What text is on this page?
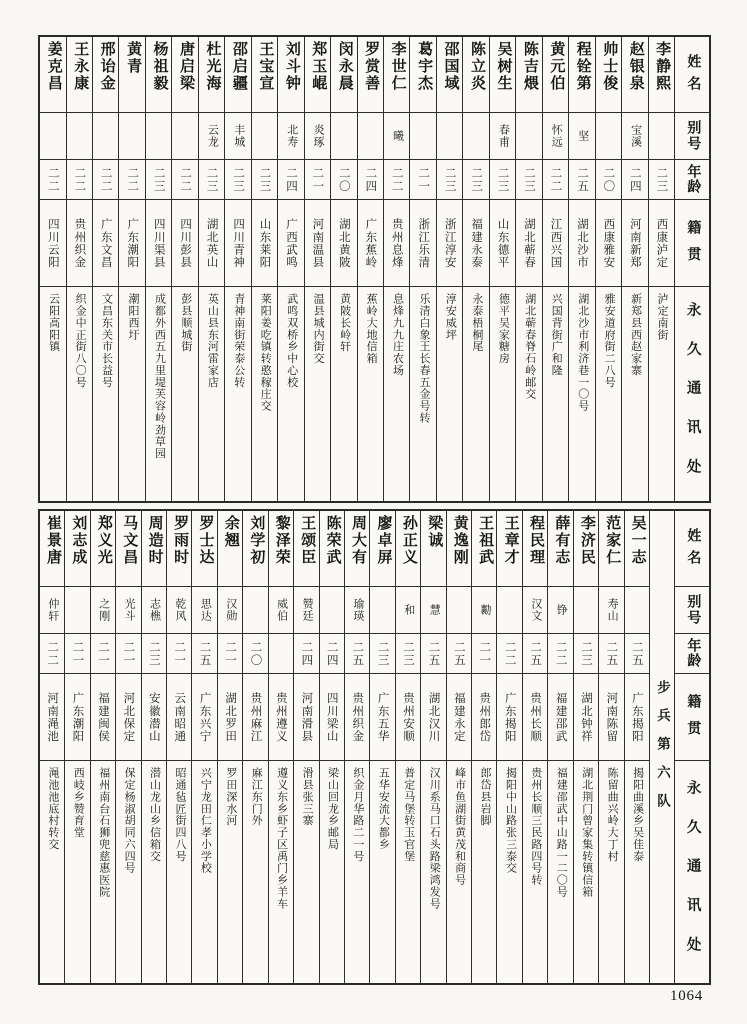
姓名
别号
年龄
籍贯
永久通讯处
李静熙
二三
西康泸定
泸定南街
赵银泉
宝溪
二四
河南新郑
新郑县西赵家寨
帅士俊
二〇
西康雅安
雅安道府街二八号
程铨第
坚
二五
湖北沙市
湖北沙市利济巷一〇号
黄元伯
怀远
二二
江西兴国
兴国背街广和隆
陈吉煨
二三
湖北蕲春
湖北蕲春脊石岭邮交
吴树生
春甫
二三
山东德平
德平吴家糖房
陈立炎
二三
福建永泰
永泰梧桐尾
邵国域
二三
浙江淳安
淳安威坪
葛宇杰
二一
浙江乐清
乐清白象王长春五金号转
李世仁
曦
二二
贵州息烽
息烽九九庄农场
罗赏善
二四
广东蕉岭
蕉岭大地信箱
闵永晨
二〇
湖北黄陂
黄陂长岭轩
郑玉崐
炎琢
二一
河南温县
温县城内街交
刘斗钟
北寿
二四
广西武鸣
武鸣双桥乡中心校
王宝宣
二三
山东莱阳
莱阳姜吃镇转憨稼庄交
邵启疆
丰城
二三
四川青神
青神南街荣泰公转
杜光海
云龙
二三
湖北英山
英山县东河雷家店
唐启梁
二二
四川彭县
彭县顺城街
杨祖毅
二三
四川渠县
成都外西五九里堤芙容岭劲草园
黄青
二二
广东潮阳
潮阳西圩
邢诒金
二二
广东文昌
文昌东关市长益号
王永康
二二
贵州织金
织金中正街八〇号
姜克昌
二二
四川云阳
云阳高阳镇
姓名
别号
年龄
籍贯
永久通讯处
步兵第六队
吴一志
二五
广东揭阳
揭阳曲溪乡吴佳泰
范家仁
寿山
二五
河南陈留
陈留曲兴岭大丁村
李济民
二三
湖北钟祥
湖北荆门曾家集转镇信箱
薛有志
铮
二二
福建邵武
福建邵武中山路一二〇号
程民理
汉文
二五
贵州长顺
贵州长顺三民路四号转
王章才
二二
广东揭阳
揭阳中山路张三泰交
王祖武
勷
二一
贵州郎岱
郎岱县岩脚
黄逸刚
二五
福建永定
峰市鱼湖街黄茂和商号
梁诚
慧
二五
湖北汉川
汉川系马口石头路梁鸿发号
孙正义
和
二三
贵州安顺
普定马堡转玉官堡
廖卓屏
二三
广东五华
五华安流大都乡
周大有
瑜瑛
二五
贵州织金
织金月华路二一号
陈荣武
二四
四川梁山
梁山回龙乡邮局
王颂臣
赞廷
二四
河南滑县
滑县张三寨
黎泽荣
威伯
贵州遵义
遵义东乡虾子区禹门乡羊车
刘学初
二〇
贵州麻江
麻江东门外
余翘
汉勋
二一
湖北罗田
罗田深水河
罗士达
思达
二五
广东兴宁
兴宁龙田仁孝小学校
罗雨时
乾风
二一
云南昭通
昭通毡匠街四八号
周造时
志樵
二三
安徽潜山
潜山龙山乡信箱交
马文昌
光斗
二一
河北保定
保定杨淑胡同六四号
郑义光
之刚
二一
福建闽侯
福州南台石狮兜慈惠医院
刘志成
二一
广东潮阳
西岐乡赞育堂
崔景唐
仲轩
二二
河南渑池
渑池池底村转交
1064
